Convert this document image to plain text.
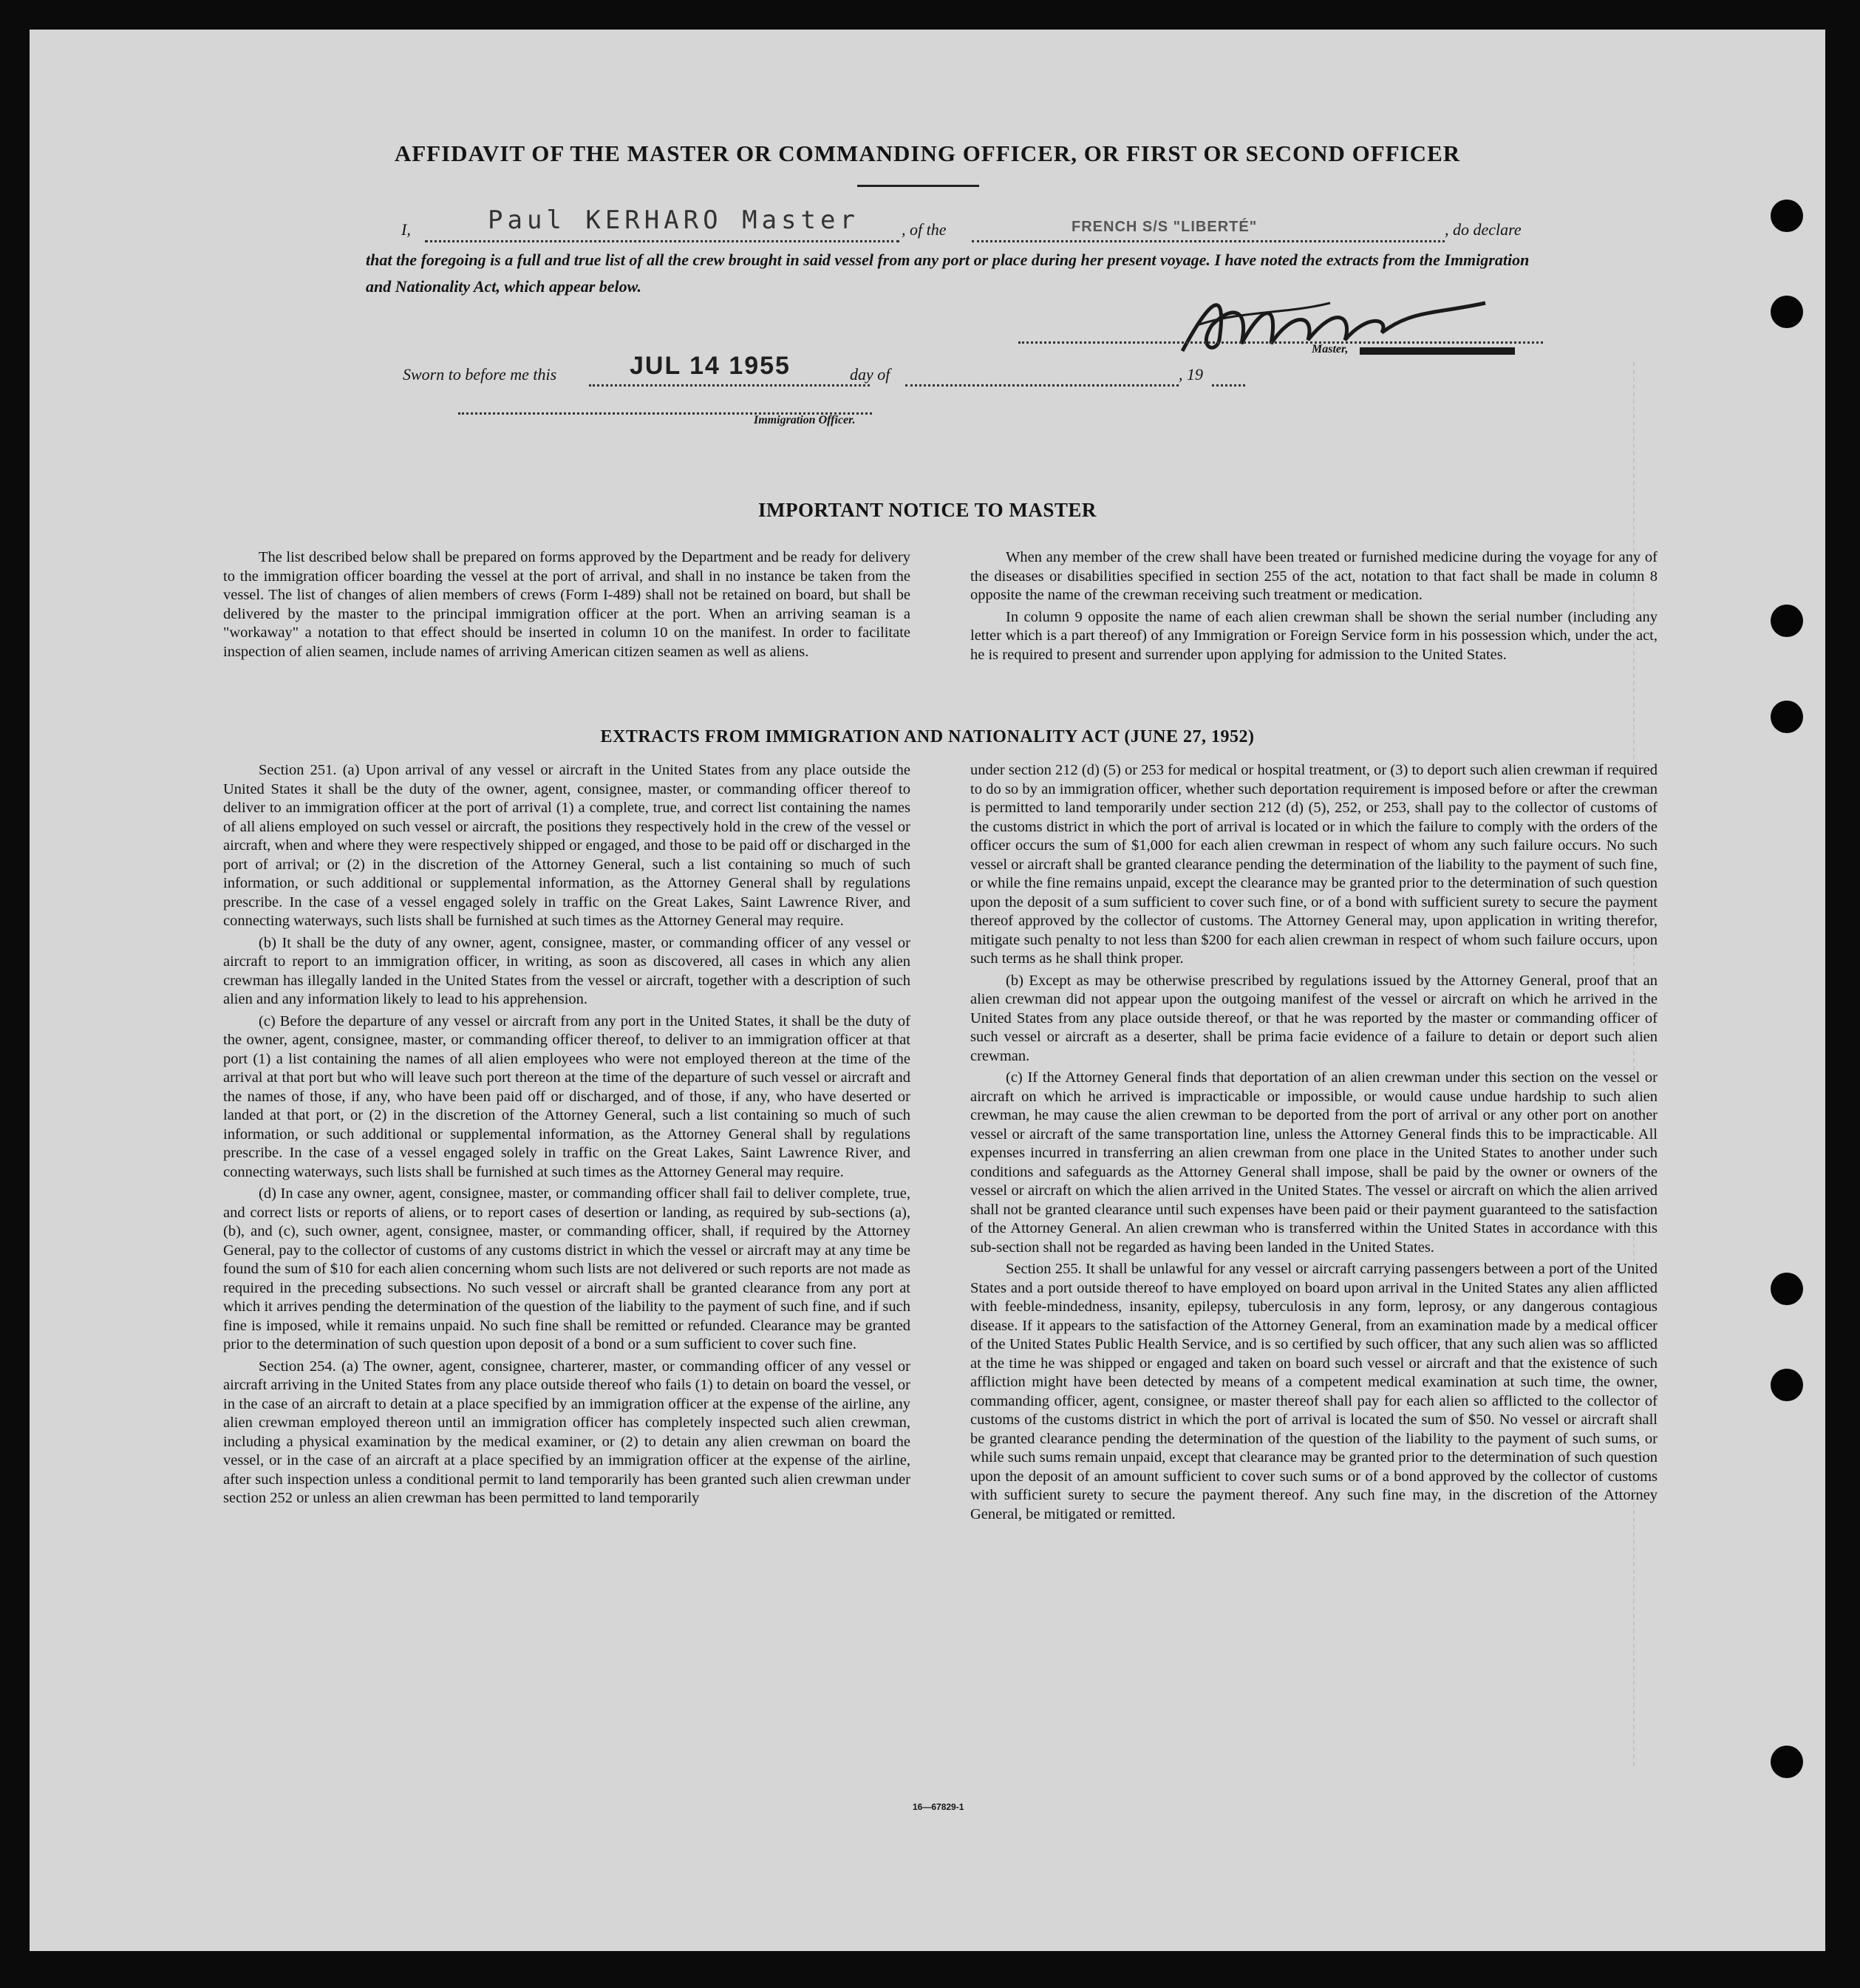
AFFIDAVIT OF THE MASTER OR COMMANDING OFFICER, OR FIRST OR SECOND OFFICER
I,	Paul KERHARO Master	, of the	FRENCH S/S "LIBERTÉ"	, do declare
that the foregoing is a full and true list of all the crew brought in said vessel from any port or place during her present voyage. I have noted the extracts from the Immigration and Nationality Act, which appear below.
Master,
Sworn to before me this	JUL 14 1955	day of	, 19
Immigration Officer.
IMPORTANT NOTICE TO MASTER

The list described below shall be prepared on forms approved by the Department and be ready for delivery to the immigration officer boarding the vessel at the port of arrival, and shall in no instance be taken from the vessel. The list of changes of alien members of crews (Form I-489) shall not be retained on board, but shall be delivered by the master to the principal immigration officer at the port. When an arriving seaman is a "workaway" a notation to that effect should be inserted in column 10 on the manifest. In order to facilitate inspection of alien seamen, include names of arriving American citizen seamen as well as aliens.

When any member of the crew shall have been treated or furnished medicine during the voyage for any of the diseases or disabilities specified in section 255 of the act, notation to that fact shall be made in column 8 opposite the name of the crewman receiving such treatment or medication.

In column 9 opposite the name of each alien crewman shall be shown the serial number (including any letter which is a part thereof) of any Immigration or Foreign Service form in his possession which, under the act, he is required to present and surrender upon applying for admission to the United States.

EXTRACTS FROM IMMIGRATION AND NATIONALITY ACT (JUNE 27, 1952)

Section 251. (a) Upon arrival of any vessel or aircraft in the United States from any place outside the United States it shall be the duty of the owner, agent, consignee, master, or commanding officer thereof to deliver to an immigration officer at the port of arrival (1) a complete, true, and correct list containing the names of all aliens employed on such vessel or aircraft, the positions they respectively hold in the crew of the vessel or aircraft, when and where they were respectively shipped or engaged, and those to be paid off or discharged in the port of arrival; or (2) in the discretion of the Attorney General, such a list containing so much of such information, or such additional or supplemental information, as the Attorney General shall by regulations prescribe. In the case of a vessel engaged solely in traffic on the Great Lakes, Saint Lawrence River, and connecting waterways, such lists shall be furnished at such times as the Attorney General may require.

(b) It shall be the duty of any owner, agent, consignee, master, or commanding officer of any vessel or aircraft to report to an immigration officer, in writing, as soon as discovered, all cases in which any alien crewman has illegally landed in the United States from the vessel or aircraft, together with a description of such alien and any information likely to lead to his apprehension.

(c) Before the departure of any vessel or aircraft from any port in the United States, it shall be the duty of the owner, agent, consignee, master, or commanding officer thereof, to deliver to an immigration officer at that port (1) a list containing the names of all alien employees who were not employed thereon at the time of the arrival at that port but who will leave such port thereon at the time of the departure of such vessel or aircraft and the names of those, if any, who have been paid off or discharged, and of those, if any, who have deserted or landed at that port, or (2) in the discretion of the Attorney General, such a list containing so much of such information, or such additional or supplemental information, as the Attorney General shall by regulations prescribe. In the case of a vessel engaged solely in traffic on the Great Lakes, Saint Lawrence River, and connecting waterways, such lists shall be furnished at such times as the Attorney General may require.

(d) In case any owner, agent, consignee, master, or commanding officer shall fail to deliver complete, true, and correct lists or reports of aliens, or to report cases of desertion or landing, as required by sub-sections (a), (b), and (c), such owner, agent, consignee, master, or commanding officer, shall, if required by the Attorney General, pay to the collector of customs of any customs district in which the vessel or aircraft may at any time be found the sum of $10 for each alien concerning whom such lists are not delivered or such reports are not made as required in the preceding subsections. No such vessel or aircraft shall be granted clearance from any port at which it arrives pending the determination of the question of the liability to the payment of such fine, and if such fine is imposed, while it remains unpaid. No such fine shall be remitted or refunded. Clearance may be granted prior to the determination of such question upon deposit of a bond or a sum sufficient to cover such fine.

Section 254. (a) The owner, agent, consignee, charterer, master, or commanding officer of any vessel or aircraft arriving in the United States from any place outside thereof who fails (1) to detain on board the vessel, or in the case of an aircraft to detain at a place specified by an immigration officer at the expense of the airline, any alien crewman employed thereon until an immigration officer has completely inspected such alien crewman, including a physical examination by the medical examiner, or (2) to detain any alien crewman on board the vessel, or in the case of an aircraft at a place specified by an immigration officer at the expense of the airline, after such inspection unless a conditional permit to land temporarily has been granted such alien crewman under section 252 or unless an alien crewman has been permitted to land temporarily

under section 212 (d) (5) or 253 for medical or hospital treatment, or (3) to deport such alien crewman if required to do so by an immigration officer, whether such deportation requirement is imposed before or after the crewman is permitted to land temporarily under section 212 (d) (5), 252, or 253, shall pay to the collector of customs of the customs district in which the port of arrival is located or in which the failure to comply with the orders of the officer occurs the sum of $1,000 for each alien crewman in respect of whom any such failure occurs. No such vessel or aircraft shall be granted clearance pending the determination of the liability to the payment of such fine, or while the fine remains unpaid, except the clearance may be granted prior to the determination of such question upon the deposit of a sum sufficient to cover such fine, or of a bond with sufficient surety to secure the payment thereof approved by the collector of customs. The Attorney General may, upon application in writing therefor, mitigate such penalty to not less than $200 for each alien crewman in respect of whom such failure occurs, upon such terms as he shall think proper.

(b) Except as may be otherwise prescribed by regulations issued by the Attorney General, proof that an alien crewman did not appear upon the outgoing manifest of the vessel or aircraft on which he arrived in the United States from any place outside thereof, or that he was reported by the master or commanding officer of such vessel or aircraft as a deserter, shall be prima facie evidence of a failure to detain or deport such alien crewman.

(c) If the Attorney General finds that deportation of an alien crewman under this section on the vessel or aircraft on which he arrived is impracticable or impossible, or would cause undue hardship to such alien crewman, he may cause the alien crewman to be deported from the port of arrival or any other port on another vessel or aircraft of the same transportation line, unless the Attorney General finds this to be impracticable. All expenses incurred in transferring an alien crewman from one place in the United States to another under such conditions and safeguards as the Attorney General shall impose, shall be paid by the owner or owners of the vessel or aircraft on which the alien arrived in the United States. The vessel or aircraft on which the alien arrived shall not be granted clearance until such expenses have been paid or their payment guaranteed to the satisfaction of the Attorney General. An alien crewman who is transferred within the United States in accordance with this sub-section shall not be regarded as having been landed in the United States.

Section 255. It shall be unlawful for any vessel or aircraft carrying passengers between a port of the United States and a port outside thereof to have employed on board upon arrival in the United States any alien afflicted with feeble-mindedness, insanity, epilepsy, tuberculosis in any form, leprosy, or any dangerous contagious disease. If it appears to the satisfaction of the Attorney General, from an examination made by a medical officer of the United States Public Health Service, and is so certified by such officer, that any such alien was so afflicted at the time he was shipped or engaged and taken on board such vessel or aircraft and that the existence of such affliction might have been detected by means of a competent medical examination at such time, the owner, commanding officer, agent, consignee, or master thereof shall pay for each alien so afflicted to the collector of customs of the customs district in which the port of arrival is located the sum of $50. No vessel or aircraft shall be granted clearance pending the determination of the question of the liability to the payment of such sums, or while such sums remain unpaid, except that clearance may be granted prior to the determination of such question upon the deposit of an amount sufficient to cover such sums or of a bond approved by the collector of customs with sufficient surety to secure the payment thereof. Any such fine may, in the discretion of the Attorney General, be mitigated or remitted.

16—67829-1
